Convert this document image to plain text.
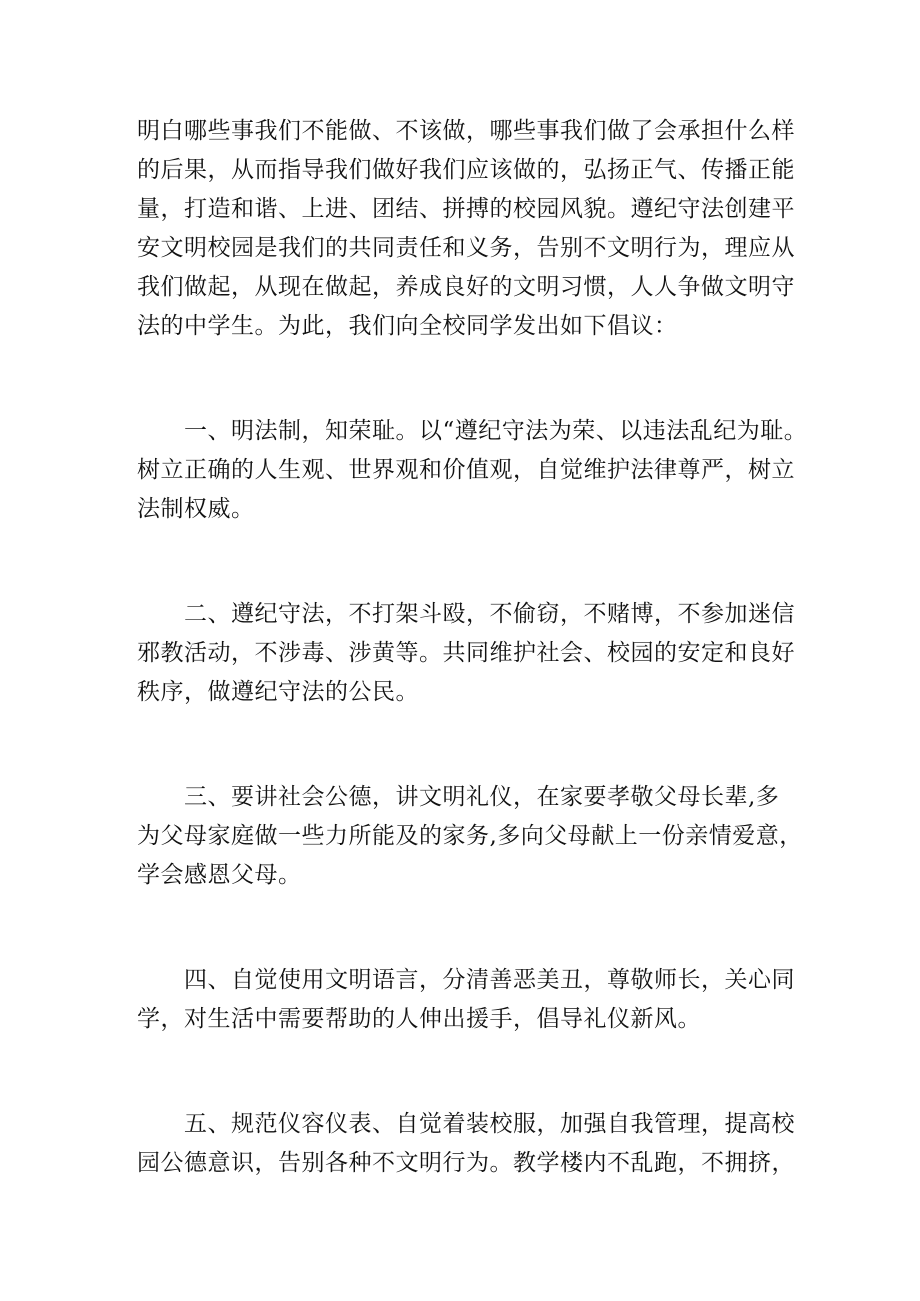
明白哪些事我们不能做、不该做，哪些事我们做了会承担什么样
的后果，从而指导我们做好我们应该做的，弘扬正气、传播正能
量，打造和谐、上进、团结、拼搏的校园风貌。遵纪守法创建平
安文明校园是我们的共同责任和义务，告别不文明行为，理应从
我们做起，从现在做起，养成良好的文明习惯，人人争做文明守
法的中学生。为此，我们向全校同学发出如下倡议：
　　一、明法制，知荣耻。以“遵纪守法为荣、以违法乱纪为耻。
树立正确的人生观、世界观和价值观，自觉维护法律尊严，树立
法制权威。
　　二、遵纪守法，不打架斗殴，不偷窃，不赌博，不参加迷信
邪教活动，不涉毒、涉黄等。共同维护社会、校园的安定和良好
秩序，做遵纪守法的公民。
　　三、要讲社会公德，讲文明礼仪，在家要孝敬父母长辈,多
为父母家庭做一些力所能及的家务,多向父母献上一份亲情爱意，
学会感恩父母。
　　四、自觉使用文明语言，分清善恶美丑，尊敬师长，关心同
学，对生活中需要帮助的人伸出援手，倡导礼仪新风。
　　五、规范仪容仪表、自觉着装校服，加强自我管理，提高校
园公德意识，告别各种不文明行为。教学楼内不乱跑，不拥挤，
